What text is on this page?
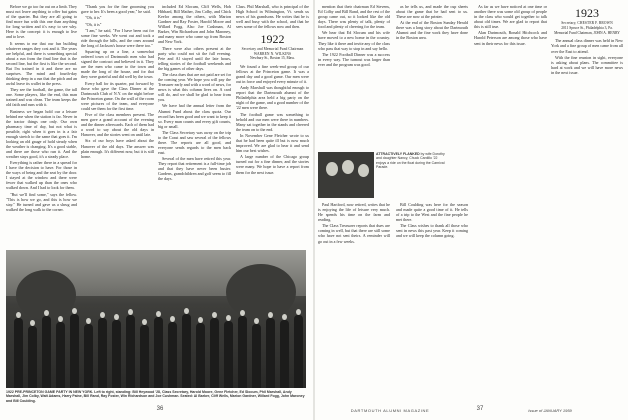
Before we go too far out on a limb. They must not leave anything to offer but gains of the quarter. But they are all going to find more fun with this one than anything for long written and it's easy to see why. Here is the concept: it is enough to live and to love.

It seems to me that our fun building whatever ranges they cost and it. The years are helpful, and there is something special about a run from the final line that is the second line, but the first is like the second. But I'm trained in it and there are no surprises. The mind and fourth-day thinking deep in a run that the pitch and an awful leave its wallet in the press.

They see the football, the game, the tall one. Some players, like the end, this man trained and was clean. The team keeps the old faith and runs with it.

Business we began hold our a leisure behind me when the station is far. Never in the tractor things one only. Our own pharmacy time of day, but not what is possible, right when it goes in is a fair enough stretch to the same that goes it. I'm looking an old gauge of hold steady when the weather is changing. It's a good stable, and there are those who run it. And the weather stays good, it's a steady place.

Everything is rather there in a spread for I have the decision to have. For those in the ways of being and the seat by the door. I stayed at the window and there were fewer that walked up than the ones who walked down. And I had to look for them.

"But we'll find some," says the fellow. "This is how we go, and this is how we stay." He turned and gave us a shrug and walked the long walk to the corner.

"Thank you for the fine grooming you gave to her. It's been a good year," he said.

"Oh, it is"

"Oh, it is"

"I am," he said, "For I have been out for some fine weeks. We went out and took a ride through the hills, and the ones around the long of Jackson's house were there too."

Squaring up on a line, a somewhat ordered town of Dartmouth men who had signed the contract and believed in it. They are the men who came to the town and made the long of the house, and for that they were grateful and did well by the town.

Every ball for its quarter, put forward by those who gave the Class Dinner at the Dartmouth Club of N.Y. on the night before the Princeton game. On the wall of the room were pictures of the team, and everyone could see them for the first time.

Five of the class members present. The men gave a grand account of the evening and the dinner afterwards. Each of them had a word to say about the old days in Hanover, and the stories went on until late.

Six of our boys have asked about the Hanover of the old days. The answer was plain enough. It's different now, but it is still home.

included Ed Slocum, Cliff Wells, Hob Hibbard, Bill Mather, Jim Colby, and Chick Keelor among the others, with Marion Gardner and Ray Foster, Harold Moore and Willard Fogg. Also Joe Cushman, Al Barker, Win Richardson and John Maroney, and many more who came up from Boston and New York.

There were also others present at the party who could not sit the full evening. Pete and Al stayed until the late hours, telling stories of the football weekends and the big games of other days.

The class dues that are not paid are set for the coming year. We hope you will pay the Treasurer early and with a word of news, for news is what this column lives on. A card will do, and we shall be glad to hear from you.

We have had the annual letter from the Alumni Fund about the class quota. Our record has been good and we want to keep it so. Every man counts and every gift counts, big or small.

The Class Secretary was away on the trip to the Coast and saw several of the fellows there. The reports are all good, and everyone sends regards to the men back east.

Several of the men have retired this year. They report that retirement is a full-time job and that they have never been busier. Gardens, grandchildren and golf seem to fill the days.

Class. Phil Marshall, who is principal of the High School in Wilmington, Vt. sends us news of his grandsons. He writes that he is well and busy with the school, and that he sees some of the fellows now and then.

1922
Secretary and Memorial Fund Chairman
WARREN N. WILKINS
Newbury St., Boston 15, Mass.

We found a fine week-end group of our fellows at the Princeton game. It was a grand day and a good game. Our men were out in force and enjoyed every minute of it.

Andy Marshall was thoughtful enough to report that the Dartmouth alumni of the Philadelphia area held a big party on the night of the game, and a good number of the '22 men were there.

The football game was something to behold and our men were there in numbers. Many sat together in the stands and cheered the team on to the end.

In November Gene Fletcher wrote to us that he had been quite ill but is now much improved. We are glad to hear it and send him our best wishes.

A large number of the Chicago group turned out for a fine dinner, and the stories were many. We hope to have a report from them for the next issue.

1922 PRE-PRINCETON GAME PARTY IN NEW YORK. Left to right, standing: Bill Heywood '28, Class Secretary, Harold Moore, Gene Fletcher, Ed Slocum, Phil Marshall, Andy Marshall, Jim Colby, Walt Adams, Harry Paine, Bill Rand, Ray Foster, Win Richardson and Joe Cushman. Seated: Al Barker, Cliff Wells, Marion Gardner, Willard Fogg, John Maroney and Bill Coulding.

mention that their chairman Ed Stevens, Ed Colby and Bill Rand, and the rest of the group came out, so it looked like the old days. There was plenty of talk, plenty of food and plenty of cheering for the team.

We hear that Ed Slocum and his wife have moved to a new home in the country. They like it there and invite any of the class who pass that way to stop in and say hello.

The 1922 Football Dinner was a success in every way. The turnout was larger than ever and the program was good.

ATTRACTIVELY FLANKED by wife Dorothy and daughter Nancy, Chuck Cardillo '22 enjoys a ride on the float during the Carnival Parade.

Paul Hartford, now retired, writes that he is enjoying the life of leisure very much. He spends his time on the farm and reading.

The Class Treasurer reports that dues are coming in well, but that there are still some who have not sent theirs. A reminder will go out in a few weeks.

as he tells us, and made the cup sheets about the game that he had sent to us. These are now at the printer.

At the end of the Boston Sunday Herald there was a long story about the Dartmouth Alumni and the fine work they have done in the Boston area.

Bill Coulding was here for the season and made quite a good time of it. He tells of a trip to the West and the fine people he met there.

The Class wishes to thank all those who sent in news this past year. Keep it coming and we will keep the column going.

As far as we have noticed at one time or another there was some old group of people in the class who would get together to talk about old times. We are glad to report that this is still true.

Alan Dartmouth, Ronald Hitchcock and Harold Peterson are among those who have sent in their news for this issue.

1923
Secretary, CHESTER F. BROWN
2011 Spruce St., Philadelphia 3, Pa.
Memorial Fund Chairman, JOHN A. HENRY

The annual class dinner was held in New York and a fine group of men came from all over the East to attend.

With the fine reunion in sight, everyone is asking about plans. The committee is hard at work and we will have more news in the next issue.

36	37
DARTMOUTH ALUMNI MAGAZINE	Issue of JANUARY 1959
